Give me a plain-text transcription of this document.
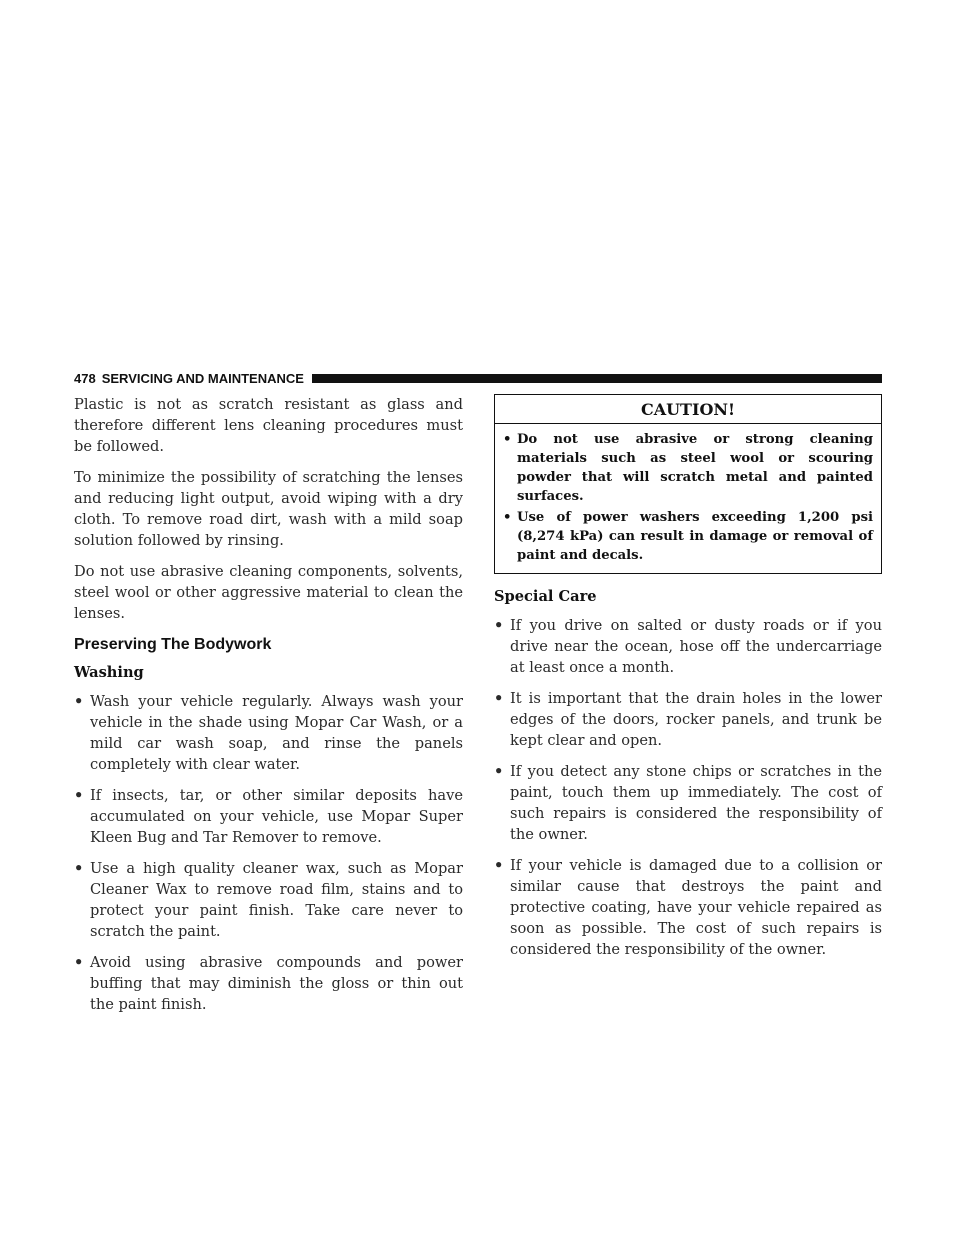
478 SERVICING AND MAINTENANCE

Plastic is not as scratch resistant as glass and therefore different lens cleaning procedures must be followed.

To minimize the possibility of scratching the lenses and reducing light output, avoid wiping with a dry cloth. To remove road dirt, wash with a mild soap solution followed by rinsing.

Do not use abrasive cleaning components, solvents, steel wool or other aggressive material to clean the lenses.

Preserving The Bodywork
Washing
• Wash your vehicle regularly. Always wash your vehicle in the shade using Mopar Car Wash, or a mild car wash soap, and rinse the panels completely with clear water.
• If insects, tar, or other similar deposits have accumulated on your vehicle, use Mopar Super Kleen Bug and Tar Remover to remove.
• Use a high quality cleaner wax, such as Mopar Cleaner Wax to remove road film, stains and to protect your paint finish. Take care never to scratch the paint.
• Avoid using abrasive compounds and power buffing that may diminish the gloss or thin out the paint finish.
CAUTION!
• Do not use abrasive or strong cleaning materials such as steel wool or scouring powder that will scratch metal and painted surfaces.
• Use of power washers exceeding 1,200 psi (8,274 kPa) can result in damage or removal of paint and decals.
Special Care
• If you drive on salted or dusty roads or if you drive near the ocean, hose off the undercarriage at least once a month.
• It is important that the drain holes in the lower edges of the doors, rocker panels, and trunk be kept clear and open.
• If you detect any stone chips or scratches in the paint, touch them up immediately. The cost of such repairs is considered the responsibility of the owner.
• If your vehicle is damaged due to a collision or similar cause that destroys the paint and protective coating, have your vehicle repaired as soon as possible. The cost of such repairs is considered the responsibility of the owner.
